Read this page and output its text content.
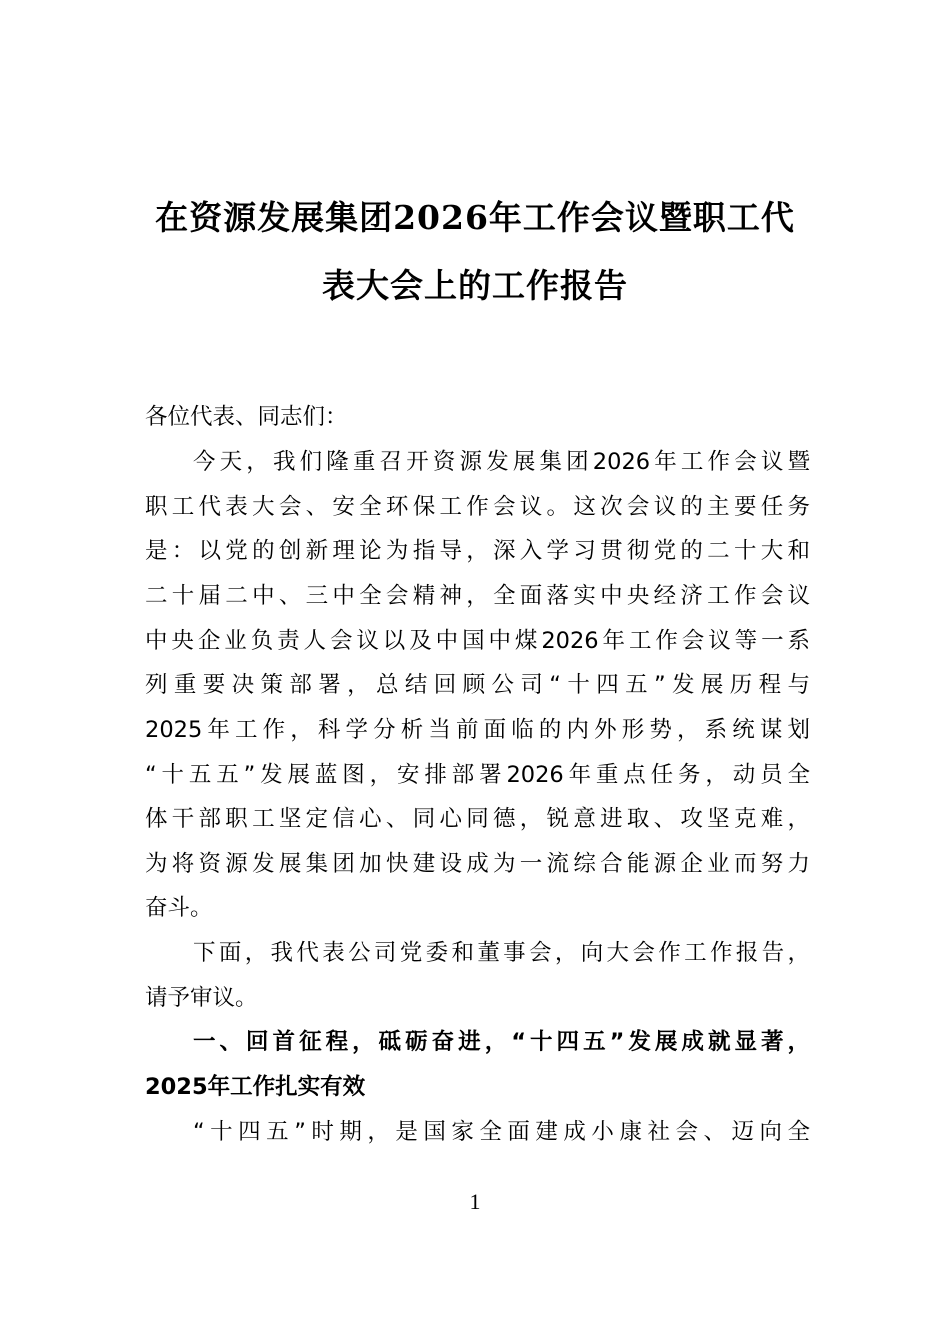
在资源发展集团2026年工作会议暨职工代
表大会上的工作报告

各位代表、同志们：

今天，我们隆重召开资源发展集团2026年工作会议暨

职工代表大会、安全环保工作会议。这次会议的主要任务

是：以党的创新理论为指导，深入学习贯彻党的二十大和

二十届二中、三中全会精神，全面落实中央经济工作会议

中央企业负责人会议以及中国中煤2026年工作会议等一系

列重要决策部署，总结回顾公司“十四五”发展历程与

2025年工作，科学分析当前面临的内外形势，系统谋划

“十五五”发展蓝图，安排部署2026年重点任务，动员全

体干部职工坚定信心、同心同德，锐意进取、攻坚克难，

为将资源发展集团加快建设成为一流综合能源企业而努力

奋斗。

下面，我代表公司党委和董事会，向大会作工作报告，

请予审议。

一、回首征程，砥砺奋进，“十四五”发展成就显著，

2025年工作扎实有效

“十四五”时期，是国家全面建成小康社会、迈向全

1
